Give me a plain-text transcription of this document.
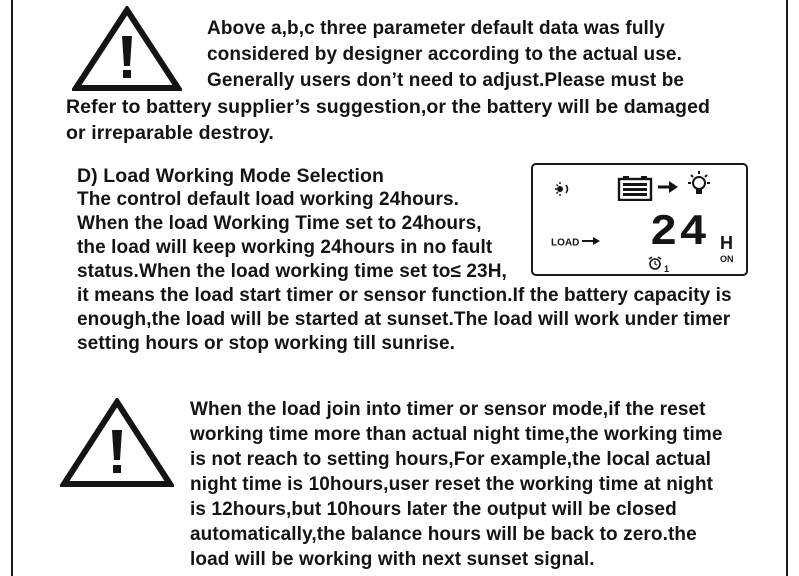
Above a,b,c three parameter default data was fully
considered by designer according to the actual use.
Generally users don’t need to adjust.Please must be
Refer to battery supplier’s suggestion,or the battery will be damaged
or irreparable destroy.
D) Load Working Mode Selection
The control default load working 24hours.
When the load Working Time set to 24hours,
the load will keep working 24hours in no fault
status.When the load working time set to≤ 23H,
it means the load start timer or sensor function.If the battery capacity is
enough,the load will be started at sunset.The load will work under timer
setting hours or stop working till sunrise.
LOAD	24 H
ON
1
When the load join into timer or sensor mode,if the reset
working time more than actual night time,the working time
is not reach to setting hours,For example,the local actual
night time is 10hours,user reset the working time at night
is 12hours,but 10hours later the output will be closed
automatically,the balance hours will be back to zero.the
load will be working with next sunset signal.
